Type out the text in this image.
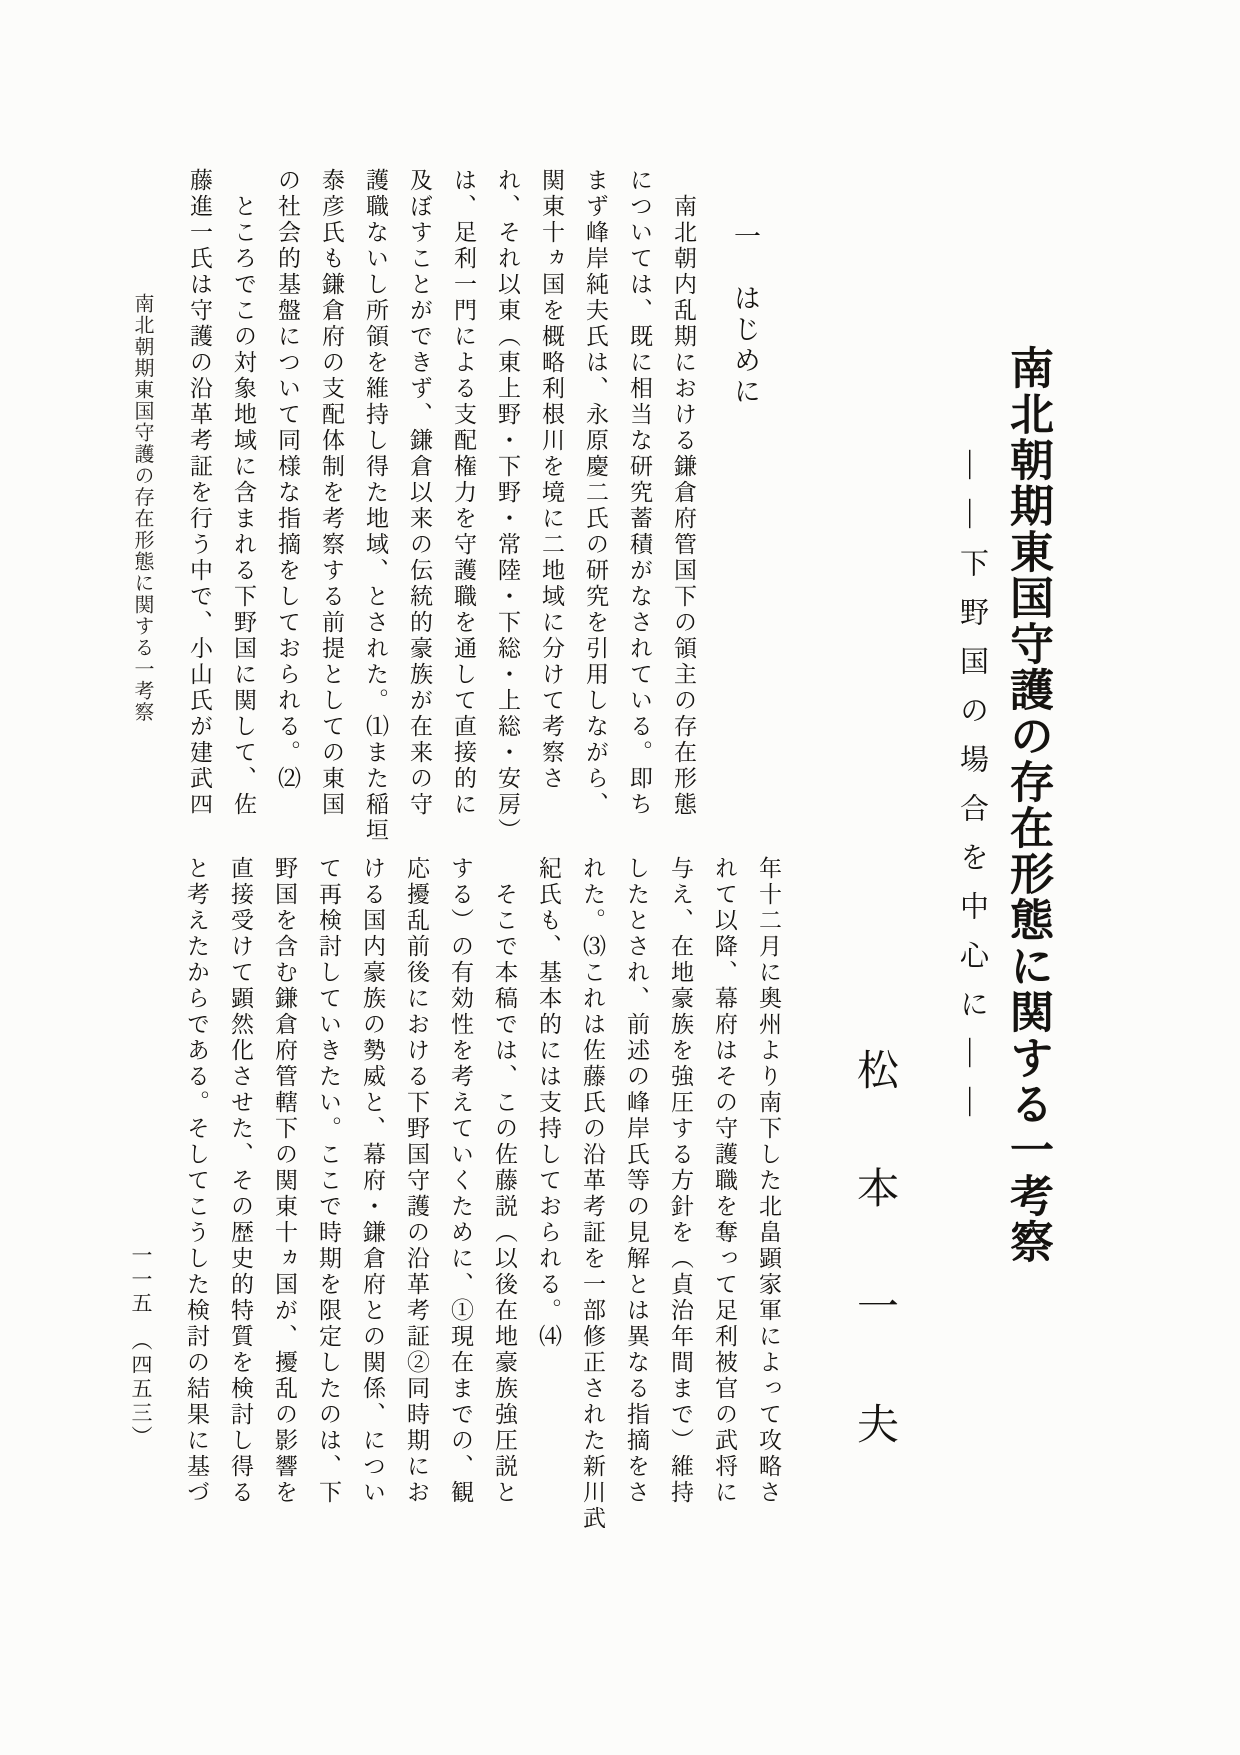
南北朝期東国守護の存在形態に関する一考察
――下野国の場合を中心に――
松　本　一　夫
一　はじめに
　南北朝内乱期における鎌倉府管国下の領主の存在形態
については、既に相当な研究蓄積がなされている。即ち
まず峰岸純夫氏は、永原慶二氏の研究を引用しながら、
関東十ヵ国を概略利根川を境に二地域に分けて考察さ
れ、それ以東（東上野・下野・常陸・下総・上総・安房）
は、足利一門による支配権力を守護職を通して直接的に
及ぼすことができず、鎌倉以来の伝統的豪族が在来の守
護職ないし所領を維持し得た地域、とされた。⑴また稲垣
泰彦氏も鎌倉府の支配体制を考察する前提としての東国
の社会的基盤について同様な指摘をしておられる。⑵
　ところでこの対象地域に含まれる下野国に関して、佐
藤進一氏は守護の沿革考証を行う中で、小山氏が建武四
年十二月に奥州より南下した北畠顕家軍によって攻略さ
れて以降、幕府はその守護職を奪って足利被官の武将に
与え、在地豪族を強圧する方針を（貞治年間まで）維持
したとされ、前述の峰岸氏等の見解とは異なる指摘をさ
れた。⑶これは佐藤氏の沿革考証を一部修正された新川武
紀氏も、基本的には支持しておられる。⑷
　そこで本稿では、この佐藤説（以後在地豪族強圧説と
する）の有効性を考えていくために、①現在までの、観
応擾乱前後における下野国守護の沿革考証②同時期にお
ける国内豪族の勢威と、幕府・鎌倉府との関係、につい
て再検討していきたい。ここで時期を限定したのは、下
野国を含む鎌倉府管轄下の関東十ヵ国が、擾乱の影響を
直接受けて顕然化させた、その歴史的特質を検討し得る
と考えたからである。そしてこうした検討の結果に基づ
南北朝期東国守護の存在形態に関する一考察
一一五　（四五三）
